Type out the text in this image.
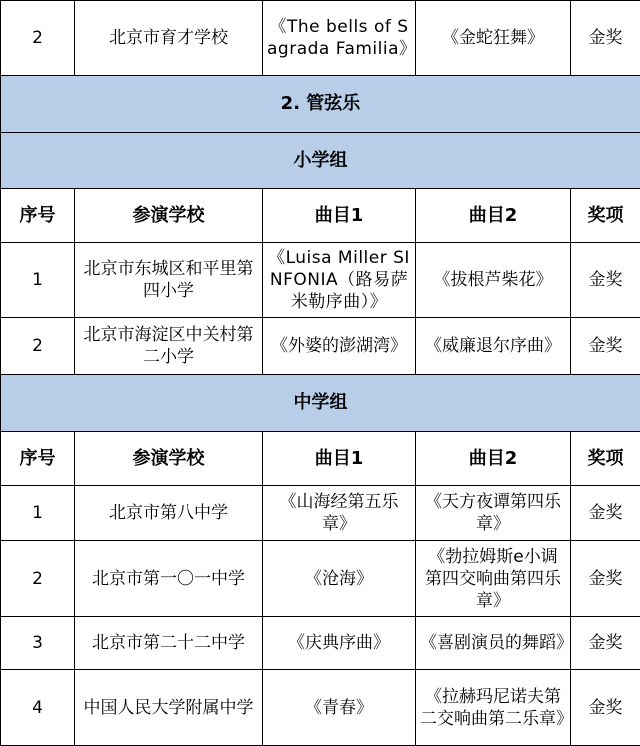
2	北京市育才学校	《The bells of Sagrada Familia》	《金蛇狂舞》	金奖
2. 管弦乐				
小学组				
序号	参演学校	曲目1	曲目2	奖项
1	北京市东城区和平里第四小学	《Luisa Miller SINFONIA（路易萨米勒序曲）》	《拔根芦柴花》	金奖
2	北京市海淀区中关村第二小学	《外婆的澎湖湾》	《威廉退尔序曲》	金奖
中学组				
序号	参演学校	曲目1	曲目2	奖项
1	北京市第八中学	《山海经第五乐章》	《天方夜谭第四乐章》	金奖
2	北京市第一〇一中学	《沧海》	《勃拉姆斯e小调第四交响曲第四乐章》	金奖
3	北京市第二十二中学	《庆典序曲》	《喜剧演员的舞蹈》	金奖
4	中国人民大学附属中学	《青春》	《拉赫玛尼诺夫第二交响曲第二乐章》	金奖
